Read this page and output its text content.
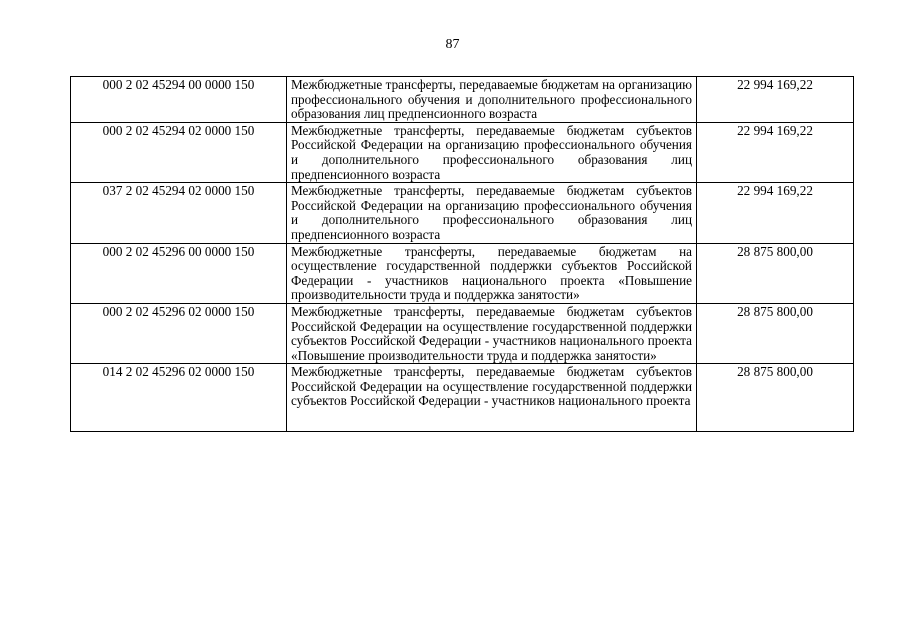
87
000 2 02 45294 00 0000 150	Межбюджетные трансферты, передаваемые бюджетам на организацию профессионального обучения и дополнительного профессионального образования лиц предпенсионного возраста	22 994 169,22
000 2 02 45294 02 0000 150	Межбюджетные трансферты, передаваемые бюджетам субъектов Российской Федерации на организацию профессионального обучения и дополнительного профессионального образования лиц предпенсионного возраста	22 994 169,22
037 2 02 45294 02 0000 150	Межбюджетные трансферты, передаваемые бюджетам субъектов Российской Федерации на организацию профессионального обучения и дополнительного профессионального образования лиц предпенсионного возраста	22 994 169,22
000 2 02 45296 00 0000 150	Межбюджетные трансферты, передаваемые бюджетам на осуществление государственной поддержки субъектов Российской Федерации - участников национального проекта «Повышение производительности труда и поддержка занятости»	28 875 800,00
000 2 02 45296 02 0000 150	Межбюджетные трансферты, передаваемые бюджетам субъектов Российской Федерации на осуществление государственной поддержки субъектов Российской Федерации - участников национального проекта «Повышение производительности труда и поддержка занятости»	28 875 800,00
014 2 02 45296 02 0000 150	Межбюджетные трансферты, передаваемые бюджетам субъектов Российской Федерации на осуществление государственной поддержки субъектов Российской Федерации - участников национального проекта	28 875 800,00
